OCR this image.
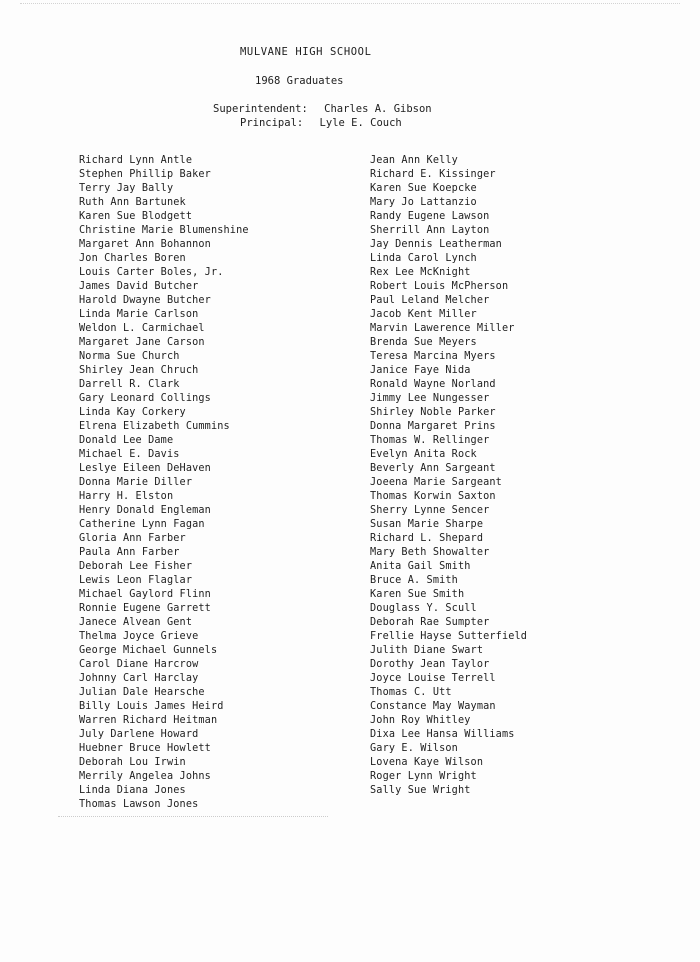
MULVANE HIGH SCHOOL
1968 Graduates
Superintendent: Charles A. Gibson
Principal: Lyle E. Couch
Richard Lynn Antle
Stephen Phillip Baker
Terry Jay Bally
Ruth Ann Bartunek
Karen Sue Blodgett
Christine Marie Blumenshine
Margaret Ann Bohannon
Jon Charles Boren
Louis Carter Boles, Jr.
James David Butcher
Harold Dwayne Butcher
Linda Marie Carlson
Weldon L. Carmichael
Margaret Jane Carson
Norma Sue Church
Shirley Jean Chruch
Darrell R. Clark
Gary Leonard Collings
Linda Kay Corkery
Elrena Elizabeth Cummins
Donald Lee Dame
Michael E. Davis
Leslye Eileen DeHaven
Donna Marie Diller
Harry H. Elston
Henry Donald Engleman
Catherine Lynn Fagan
Gloria Ann Farber
Paula Ann Farber
Deborah Lee Fisher
Lewis Leon Flaglar
Michael Gaylord Flinn
Ronnie Eugene Garrett
Janece Alvean Gent
Thelma Joyce Grieve
George Michael Gunnels
Carol Diane Harcrow
Johnny Carl Harclay
Julian Dale Hearsche
Billy Louis James Heird
Warren Richard Heitman
July Darlene Howard
Huebner Bruce Howlett
Deborah Lou Irwin
Merrily Angelea Johns
Linda Diana Jones
Thomas Lawson Jones
Jean Ann Kelly
Richard E. Kissinger
Karen Sue Koepcke
Mary Jo Lattanzio
Randy Eugene Lawson
Sherrill Ann Layton
Jay Dennis Leatherman
Linda Carol Lynch
Rex Lee McKnight
Robert Louis McPherson
Paul Leland Melcher
Jacob Kent Miller
Marvin Lawerence Miller
Brenda Sue Meyers
Teresa Marcina Myers
Janice Faye Nida
Ronald Wayne Norland
Jimmy Lee Nungesser
Shirley Noble Parker
Donna Margaret Prins
Thomas W. Rellinger
Evelyn Anita Rock
Beverly Ann Sargeant
Joeena Marie Sargeant
Thomas Korwin Saxton
Sherry Lynne Sencer
Susan Marie Sharpe
Richard L. Shepard
Mary Beth Showalter
Anita Gail Smith
Bruce A. Smith
Karen Sue Smith
Douglass Y. Scull
Deborah Rae Sumpter
Frellie Hayse Sutterfield
Julith Diane Swart
Dorothy Jean Taylor
Joyce Louise Terrell
Thomas C. Utt
Constance May Wayman
John Roy Whitley
Dixa Lee Hansa Williams
Gary E. Wilson
Lovena Kaye Wilson
Roger Lynn Wright
Sally Sue Wright
